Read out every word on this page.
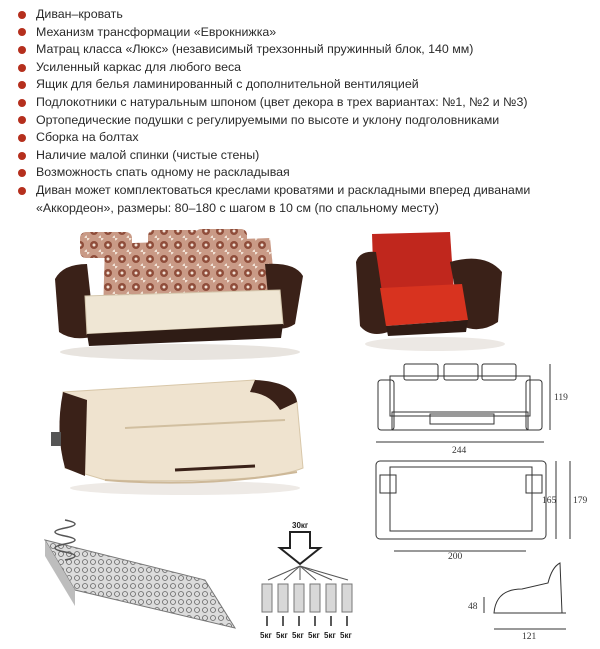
Диван–кровать
Механизм трансформации «Еврокнижка»
Матрац класса «Люкс» (независимый трехзонный пружинный блок, 140 мм)
Усиленный каркас для любого веса
Ящик для белья ламинированный с дополнительной вентиляцией
Подлокотники с натуральным шпоном (цвет декора в трех вариантах: №1, №2 и №3)
Ортопедические подушки с регулируемыми по высоте и уклону подголовниками
Сборка на болтах
Наличие малой спинки (чистые стены)
Возможность спать одному не раскладывая
Диван может комплектоваться креслами кроватями и раскладными вперед диванами «Аккордеон», размеры: 80–180 с шагом в 10 см (по спальному месту)
119
244
165 179
200
48
121
30кг
5кг 5кг 5кг 5кг 5кг 5кг
